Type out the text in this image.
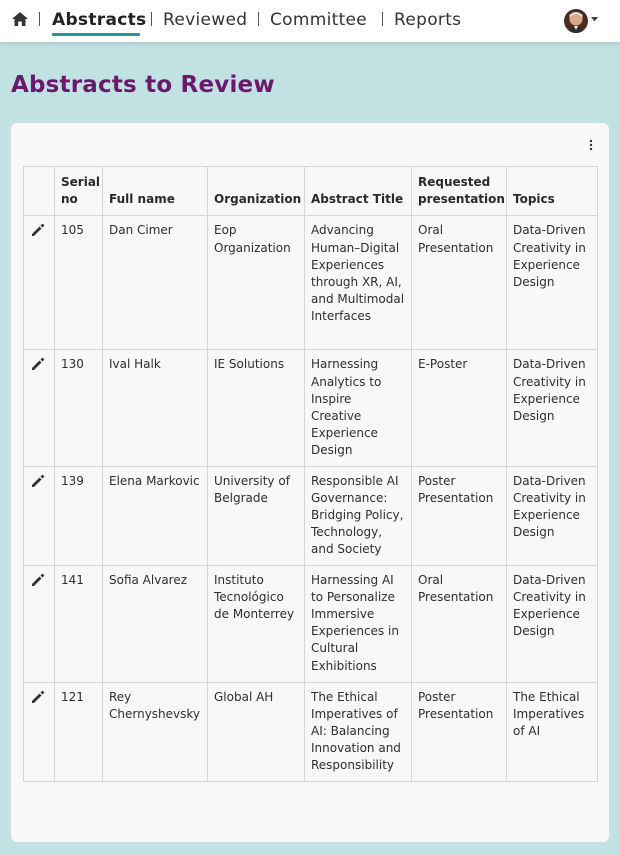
Abstracts Reviewed Committee Reports
Abstracts to Review
	Serial no	Full name	Organization	Abstract Title	Requested presentation	Topics

	105	Dan Cimer	Eop Organization	Advancing Human–Digital Experiences through XR, AI, and Multimodal Interfaces	Oral Presentation	Data-Driven Creativity in Experience Design

	130	Ival Halk	IE Solutions	Harnessing Analytics to Inspire Creative Experience Design	E-Poster	Data-Driven Creativity in Experience Design

	139	Elena Markovic	University of Belgrade	Responsible AI Governance: Bridging Policy, Technology, and Society	Poster Presentation	Data-Driven Creativity in Experience Design

	141	Sofia Alvarez	Instituto Tecnológico de Monterrey	Harnessing AI to Personalize Immersive Experiences in Cultural Exhibitions	Oral Presentation	Data-Driven Creativity in Experience Design

	121	Rey Chernyshevsky	Global AH	The Ethical Imperatives of AI: Balancing Innovation and Responsibility	Poster Presentation	The Ethical Imperatives of AI
